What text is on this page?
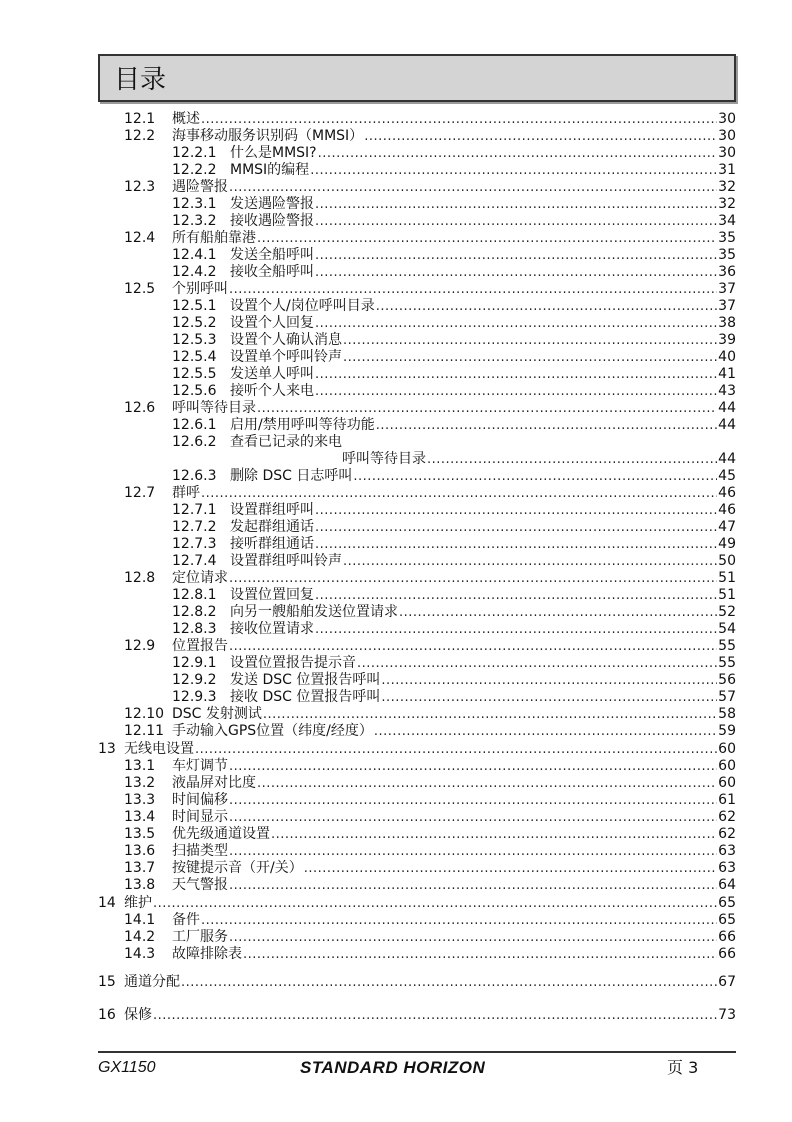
目录
12.1	概述 .....	30
12.2	海事移动服务识别码（MMSI） .....	30
12.2.1 什么是MMSI? .....	30
12.2.2 MMSI的编程 .....	31
12.3	遇险警报 .....	32
12.3.1 发送遇险警报 .....	32
12.3.2 接收遇险警报 .....	34
12.4	所有船舶靠港 .....	35
12.4.1 发送全船呼叫 .....	35
12.4.2 接收全船呼叫 .....	36
12.5	个别呼叫 .....	37
12.5.1 设置个人/岗位呼叫目录 .....	37
12.5.2 设置个人回复 .....	38
12.5.3 设置个人确认消息 .....	39
12.5.4 设置单个呼叫铃声 .....	40
12.5.5 发送单人呼叫 .....	41
12.5.6 接听个人来电 .....	43
12.6	呼叫等待目录 .....	44
12.6.1 启用/禁用呼叫等待功能 .....	44
12.6.2 查看已记录的来电
呼叫等待目录 .....	44
12.6.3 删除 DSC 日志呼叫 .....	45
12.7	群呼 .....	46
12.7.1 设置群组呼叫 .....	46
12.7.2 发起群组通话 .....	47
12.7.3 接听群组通话 .....	49
12.7.4 设置群组呼叫铃声 .....	50
12.8	定位请求 .....	51
12.8.1 设置位置回复 .....	51
12.8.2 向另一艘船舶发送位置请求 .....	52
12.8.3 接收位置请求 .....	54
12.9	位置报告 .....	55
12.9.1 设置位置报告提示音 .....	55
12.9.2 发送 DSC 位置报告呼叫 .....	56
12.9.3 接收 DSC 位置报告呼叫 .....	57
12.10 DSC 发射测试 .....	58
12.11 手动输入GPS位置（纬度/经度） .....	59
13 无线电设置 .....	60
13.1	车灯调节 .....	60
13.2	液晶屏对比度 .....	60
13.3	时间偏移 .....	61
13.4	时间显示 .....	62
13.5	优先级通道设置 .....	62
13.6	扫描类型 .....	63
13.7	按键提示音（开/关） .....	63
13.8	天气警报 .....	64
14 维护 .....	65
14.1	备件 .....	65
14.2	工厂服务 .....	66
14.3	故障排除表 .....	66
15 通道分配 .....	67
16 保修 .....	73
GX1150	STANDARD HORIZON	页 3
